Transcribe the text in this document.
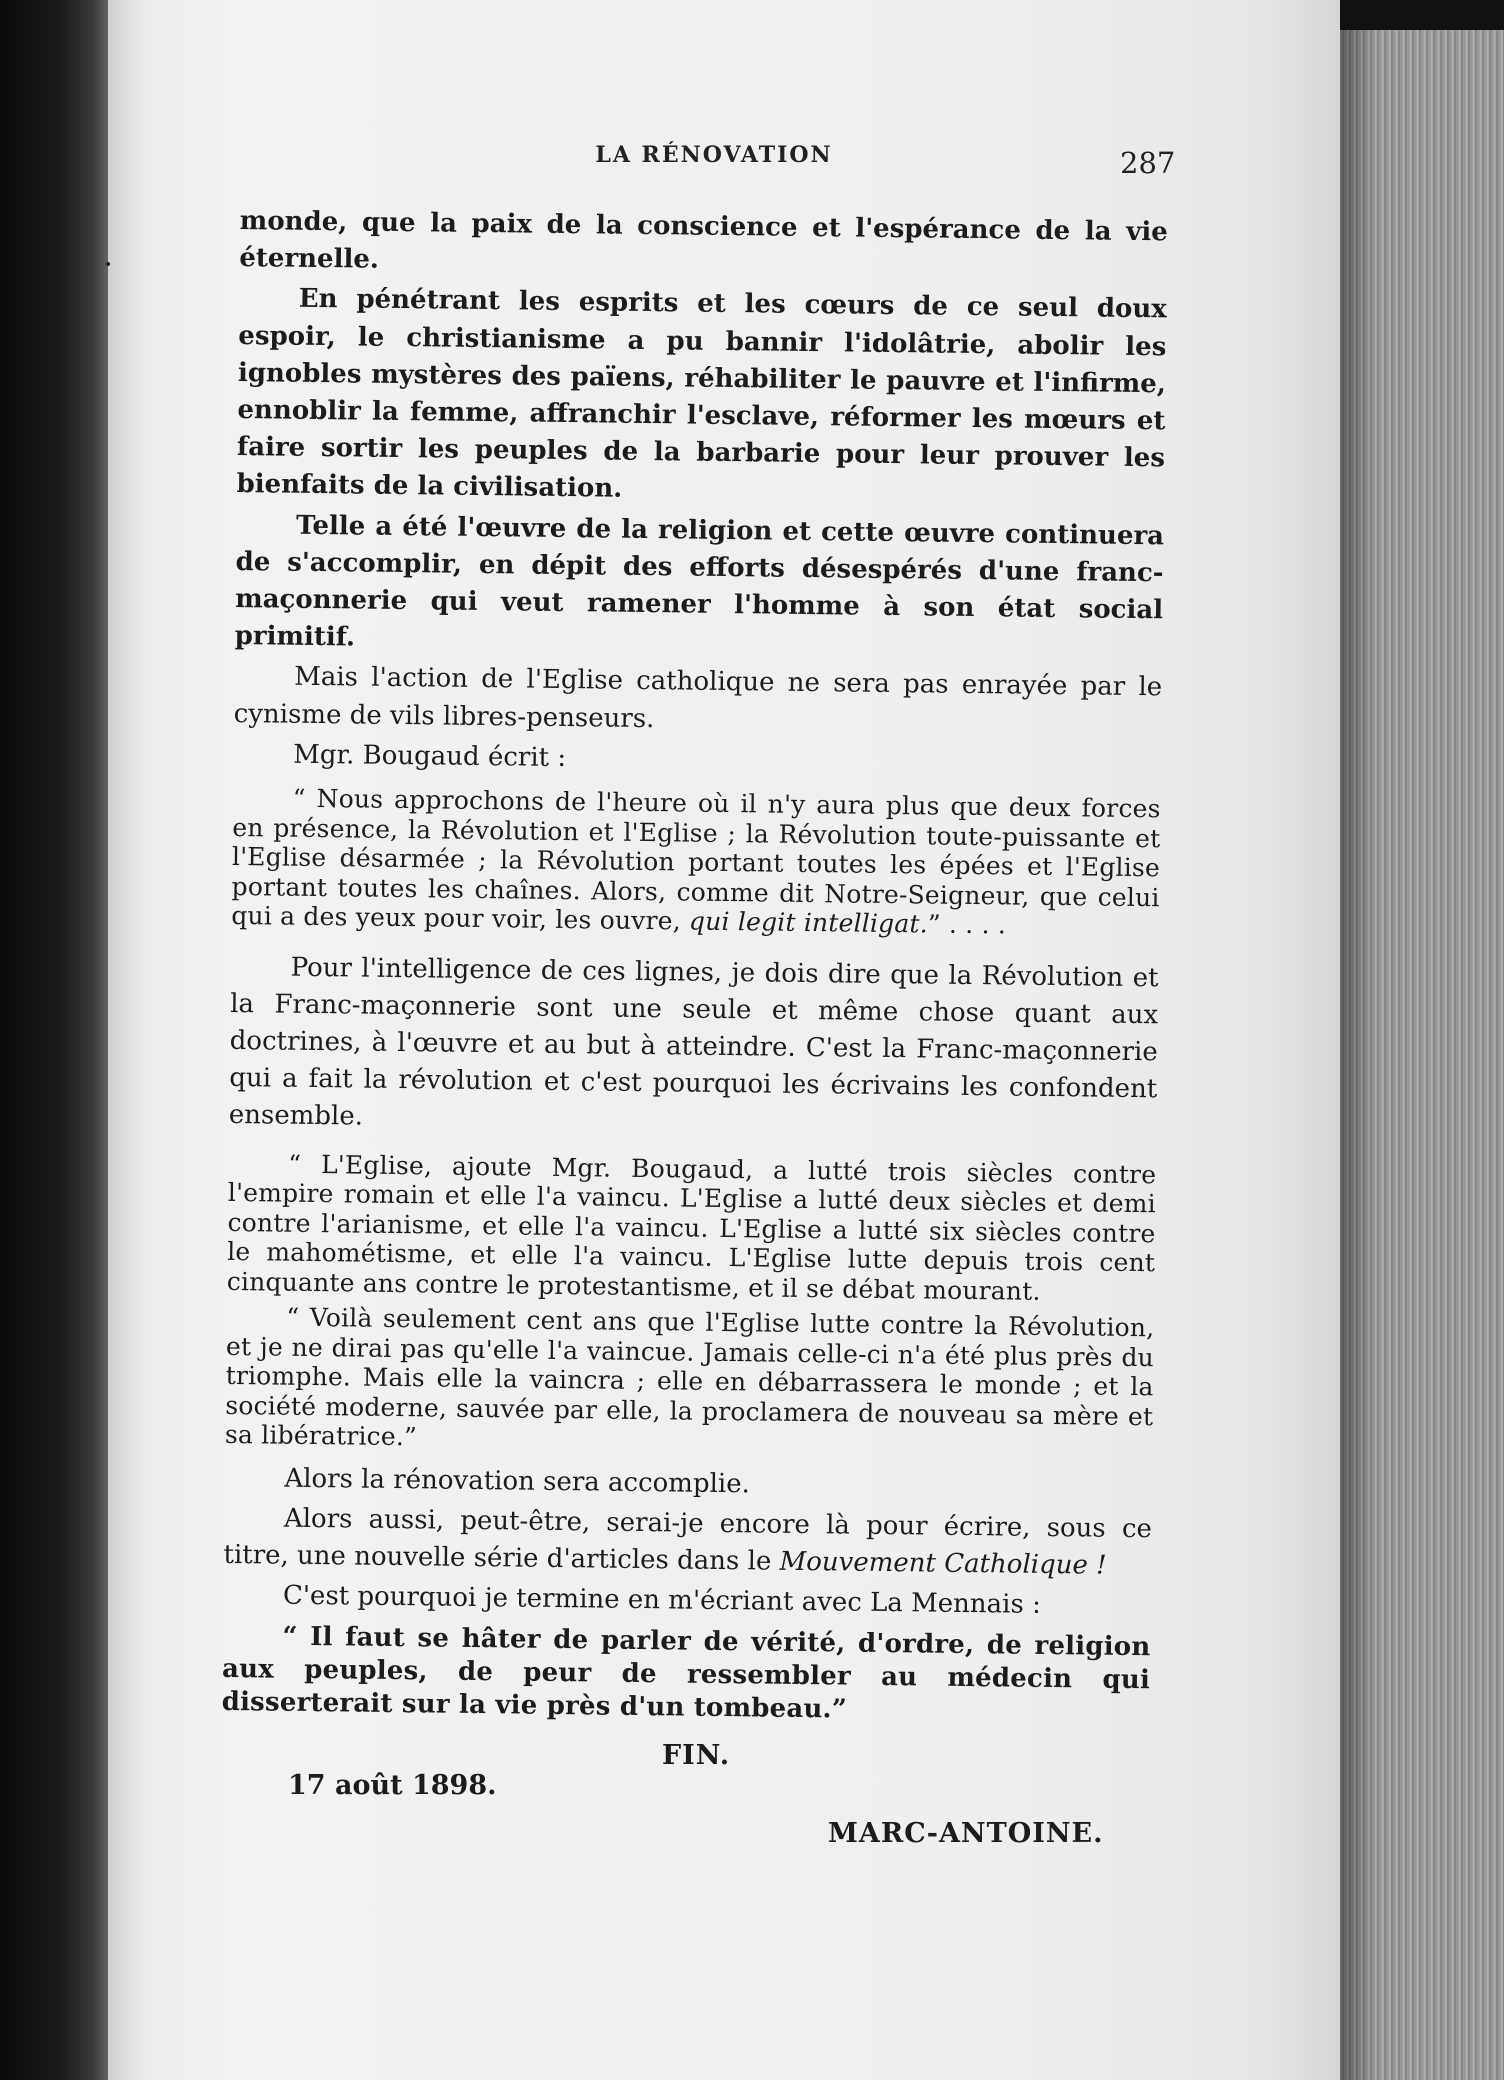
LA RÉNOVATION	287

monde, que la paix de la conscience et l'espérance de la vie éternelle.

En pénétrant les esprits et les cœurs de ce seul doux espoir, le christianisme a pu bannir l'idolâtrie, abolir les ignobles mystères des païens, réhabiliter le pauvre et l'infirme, ennoblir la femme, affranchir l'esclave, réformer les mœurs et faire sortir les peuples de la barbarie pour leur prouver les bienfaits de la civilisation.

Telle a été l'œuvre de la religion et cette œuvre continuera de s'accomplir, en dépit des efforts désespérés d'une franc-maçonnerie qui veut ramener l'homme à son état social primitif.

Mais l'action de l'Eglise catholique ne sera pas enrayée par le cynisme de vils libres-penseurs.

Mgr. Bougaud écrit :

“ Nous approchons de l'heure où il n'y aura plus que deux forces en présence, la Révolution et l'Eglise ; la Révolution toute-puissante et l'Eglise désarmée ; la Révolution portant toutes les épées et l'Eglise portant toutes les chaînes. Alors, comme dit Notre-Seigneur, que celui qui a des yeux pour voir, les ouvre, qui legit intelligat.” . . . .

Pour l'intelligence de ces lignes, je dois dire que la Révolution et la Franc-maçonnerie sont une seule et même chose quant aux doctrines, à l'œuvre et au but à atteindre. C'est la Franc-maçonnerie qui a fait la révolution et c'est pourquoi les écrivains les confondent ensemble.

“ L'Eglise, ajoute Mgr. Bougaud, a lutté trois siècles contre l'empire romain et elle l'a vaincu. L'Eglise a lutté deux siècles et demi contre l'arianisme, et elle l'a vaincu. L'Eglise a lutté six siècles contre le mahométisme, et elle l'a vaincu. L'Eglise lutte depuis trois cent cinquante ans contre le protestantisme, et il se débat mourant.

“ Voilà seulement cent ans que l'Eglise lutte contre la Révolution, et je ne dirai pas qu'elle l'a vaincue. Jamais celle-ci n'a été plus près du triomphe. Mais elle la vaincra ; elle en débarrassera le monde ; et la société moderne, sauvée par elle, la proclamera de nouveau sa mère et sa libératrice.”

Alors la rénovation sera accomplie.

Alors aussi, peut-être, serai-je encore là pour écrire, sous ce titre, une nouvelle série d'articles dans le Mouvement Catholique !

C'est pourquoi je termine en m'écriant avec La Mennais :

“ Il faut se hâter de parler de vérité, d'ordre, de religion aux peuples, de peur de ressembler au médecin qui disserterait sur la vie près d'un tombeau.”

FIN.
17 août 1898.
MARC-ANTOINE.
